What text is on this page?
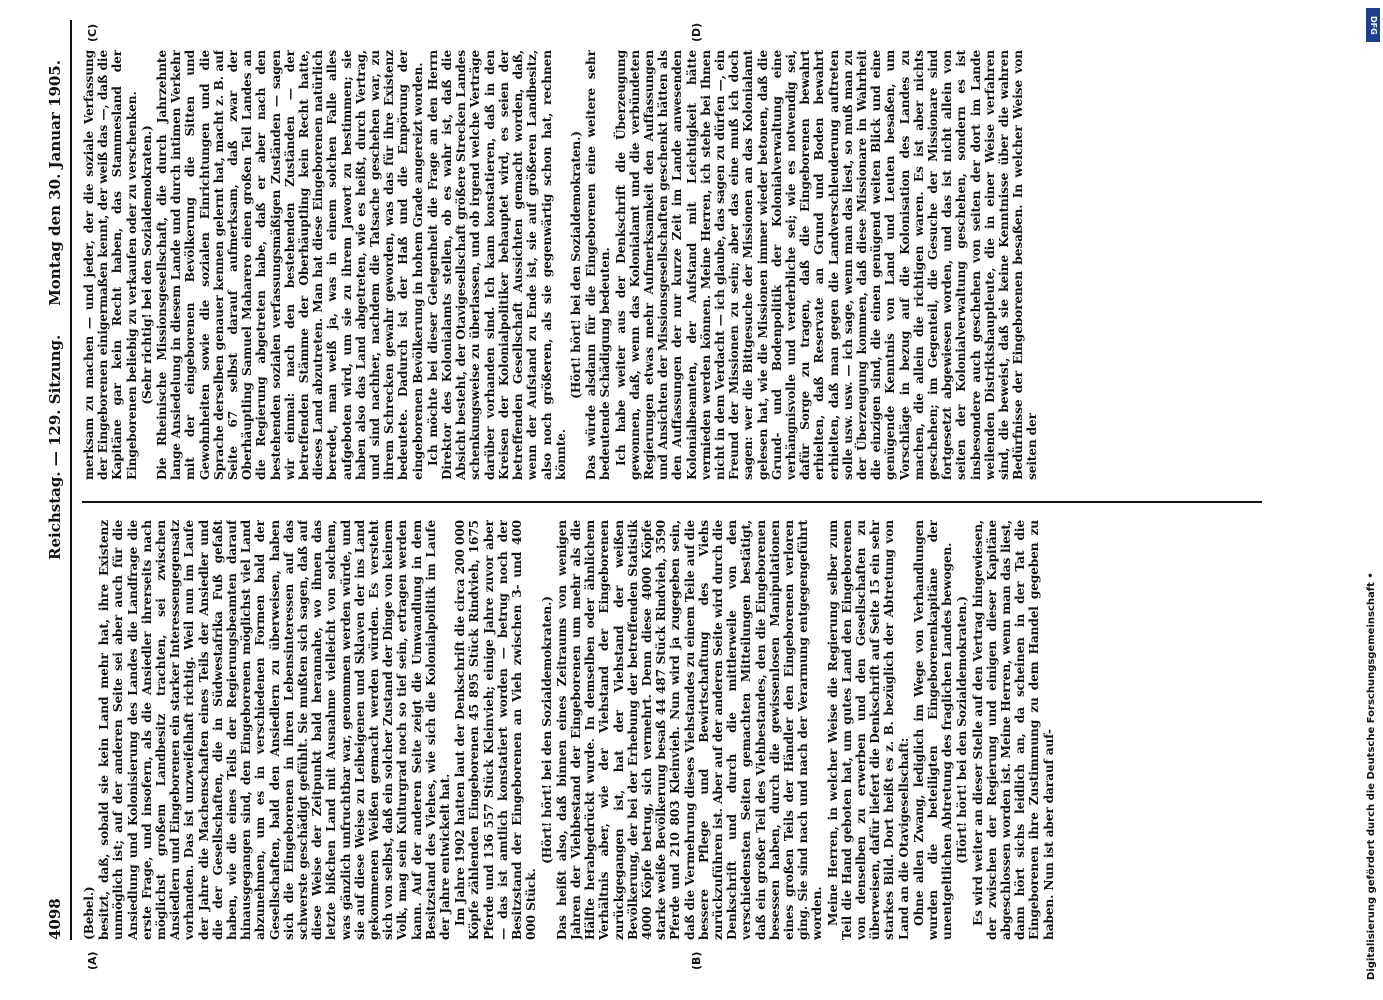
4098
Reichstag. — 129. Sitzung.
Montag den 30. Januar 1905.
(A)	(B)
(C)	(D)

(Bebel.) besitzt, daß, sobald sie kein Land mehr hat, ihre Existenz unmöglich ist; auf der anderen Seite sei aber auch für die Ansiedlung und Kolonisierung des Landes die Landfrage die erste Frage, und insofern, als die Ansiedler ihrerseits nach möglichst großem Landbesitz trachten, sei zwischen Ansiedlern und Eingeborenen ein starker Interessengegensatz vorhanden. Das ist unzweifelhaft richtig. Weil nun im Laufe der Jahre die Machenschaften eines Teils der Ansiedler und die der Gesellschaften, die in Südwestafrika Fuß gefaßt haben, wie die eines Teils der Regierungsbeamten darauf hinausgegangen sind, den Eingeborenen möglichst viel Land abzunehmen, um es in verschiedenen Formen bald der Gesellschaften, bald den Ansiedlern zu überweisen, haben sich die Eingeborenen in ihren Lebensinteressen auf das schwerste geschädigt gefühlt. Sie mußten sich sagen, daß auf diese Weise der Zeitpunkt bald herannahe, wo ihnen das letzte bißchen Land mit Ausnahme vielleicht von solchem, was gänzlich unfruchtbar war, genommen werden würde, und sie auf diese Weise zu Leibeigenen und Sklaven der ins Land gekommenen Weißen gemacht werden würden. Es versteht sich von selbst, daß ein solcher Zustand der Dinge von keinem Volk, mag sein Kulturgrad noch so tief sein, ertragen werden kann. Auf der anderen Seite zeigt die Umwandlung in dem Besitzstand des Viehes, wie sich die Kolonialpolitik im Laufe der Jahre entwickelt hat. Im Jahre 1902 hatten laut der Denkschrift die circa 200 000 Köpfe zählenden Eingeborenen 45 895 Stück Rindvieh, 1675 Pferde und 136 557 Stück Kleinvieh; einige Jahre zuvor aber — das ist amtlich konstatiert worden — betrug noch der Besitzstand der Eingeborenen an Vieh zwischen 3- und 400 000 Stück.

(Hört! hört! bei den Sozialdemokraten.) Das heißt also, daß binnen eines Zeitraums von wenigen Jahren der Viehbestand der Eingeborenen um mehr als die Hälfte herabgedrückt wurde. In demselben oder ähnlichem Verhältnis aber, wie der Viehstand der Eingeborenen zurückgegangen ist, hat der Viehstand der weißen Bevölkerung, der bei der Erhebung der betreffenden Statistik 4000 Köpfe betrug, sich vermehrt. Denn diese 4000 Köpfe starke weiße Bevölkerung besaß 44 487 Stück Rindvieh, 3590 Pferde und 210 803 Kleinvieh. Nun wird ja zugegeben sein, daß die Vermehrung dieses Viehstandes zu einem Teile auf die bessere Pflege und Bewirtschaftung des Viehs zurückzuführen ist. Aber auf der anderen Seite wird durch die Denkschrift und durch die mittlerweile von den verschiedensten Seiten gemachten Mitteilungen bestätigt, daß ein großer Teil des Viehbestandes, den die Eingeborenen besessen haben, durch die gewissenlosen Manipulationen eines großen Teils der Händler den Eingeborenen verloren ging. Sie sind nach und nach der Verarmung entgegengeführt worden. Meine Herren, in welcher Weise die Regierung selber zum Teil die Hand geboten hat, um gutes Land den Eingeborenen von denselben zu erwerben und den Gesellschaften zu überweisen, dafür liefert die Denkschrift auf Seite 15 ein sehr starkes Bild. Dort heißt es z. B. bezüglich der Abtretung von Land an die Otavigesellschaft: Ohne allen Zwang, lediglich im Wege von Verhandlungen wurden die beteiligten Eingeborenenkapitäne der unentgeltlichen Abtretung des fraglichen Landes bewogen. (Hört! hört! bei den Sozialdemokraten.) Es wird weiter an dieser Stelle auf den Vertrag hingewiesen, der zwischen der Regierung und einigen dieser Kapitäne abgeschlossen worden ist. Meine Herren, wenn man das liest, dann hört sichs leidlich an, da scheinen in der Tat die Eingeborenen ihre Zustimmung zu dem Handel gegeben zu haben. Nun ist aber darauf auf-

merksam zu machen — und jeder, der die soziale Verfassung der Eingeborenen einigermaßen kennt, der weiß das —, daß die Kapitäne gar kein Recht haben, das Stammesland der Eingeborenen beliebig zu verkaufen oder zu verschenken. (Sehr richtig! bei den Sozialdemokraten.) Die Rheinische Missionsgesellschaft, die durch Jahrzehnte lange Ansiedelung in diesem Lande und durch intimen Verkehr mit der eingeborenen Bevölkerung die Sitten und Gewohnheiten sowie die sozialen Einrichtungen und die Sprache derselben genauer kennen gelernt hat, macht z. B. auf Seite 67 selbst darauf aufmerksam, daß zwar der Oberhäuptling Samuel Maharero einen großen Teil Landes an die Regierung abgetreten habe, daß er aber nach den bestehenden sozialen verfassungsmäßigen Zuständen — sagen wir einmal: nach den bestehenden Zuständen — der betreffenden Stämme der Oberhäuptling kein Recht hatte, dieses Land abzutreten. Man hat diese Eingeborenen natürlich beredet, man weiß ja, was in einem solchen Falle alles aufgeboten wird, um sie zu ihrem Jawort zu bestimmen; sie haben also das Land abgetreten, wie es heißt, durch Vertrag, und sind nachher, nachdem die Tatsache geschehen war, zu ihrem Schrecken gewahr geworden, was das für ihre Existenz bedeutete. Dadurch ist der Haß und die Empörung der eingeborenen Bevölkerung in hohem Grade angereizt worden. Ich möchte bei dieser Gelegenheit die Frage an den Herrn Direktor des Kolonialamts stellen, ob es wahr ist, daß die Absicht besteht, der Otavigesellschaft größere Strecken Landes schenkungsweise zu überlassen, und ob irgend welche Verträge darüber vorhanden sind. Ich kann konstatieren, daß in den Kreisen der Kolonialpolitiker behauptet wird, es seien der betreffenden Gesellschaft Aussichten gemacht worden, daß, wenn der Aufstand zu Ende ist, sie auf größeren Landbesitz, also noch größeren, als sie gegenwärtig schon hat, rechnen könnte.

(Hört! hört! bei den Sozialdemokraten.) Das würde alsdann für die Eingeborenen eine weitere sehr bedeutende Schädigung bedeuten. Ich habe weiter aus der Denkschrift die Überzeugung gewonnen, daß, wenn das Kolonialamt und die verbündeten Regierungen etwas mehr Aufmerksamkeit den Auffassungen und Ansichten der Missionsgesellschaften geschenkt hätten als den Auffassungen der nur kurze Zeit im Lande anwesenden Kolonialbeamten, der Aufstand mit Leichtigkeit hätte vermieden werden können. Meine Herren, ich stehe bei Ihnen nicht in dem Verdacht — ich glaube, das sagen zu dürfen —, ein Freund der Missionen zu sein; aber das eine muß ich doch sagen: wer die Bittgesuche der Missionen an das Kolonialamt gelesen hat, wie die Missionen immer wieder betonen, daß die Grund- und Bodenpolitik der Kolonialverwaltung eine verhängnisvolle und verderbliche sei; wie es notwendig sei, dafür Sorge zu tragen, daß die Eingeborenen bewahrt erhielten, daß Reservate an Grund und Boden bewahrt erhielten, daß man gegen die Landverschleuderung auftreten solle usw. usw. — ich sage, wenn man das liest, so muß man zu der Überzeugung kommen, daß diese Missionare in Wahrheit die einzigen sind, die einen genügend weiten Blick und eine genügende Kenntnis von Land und Leuten besaßen, um Vorschläge in bezug auf die Kolonisation des Landes zu machen, die allein die richtigen waren. Es ist aber nichts geschehen; im Gegenteil, die Gesuche der Missionare sind fortgesetzt abgewiesen worden, und das ist nicht allein von seiten der Kolonialverwaltung geschehen, sondern es ist insbesondere auch geschehen von seiten der dort im Lande weilenden Distriktshauptleute, die in einer Weise verfahren sind, die beweist, daß sie keine Kenntnisse über die wahren Bedürfnisse der Eingeborenen besaßen. In welcher Weise von seiten der

DFG
Digitalisierung gefördert durch die Deutsche Forschungsgemeinschaft •
